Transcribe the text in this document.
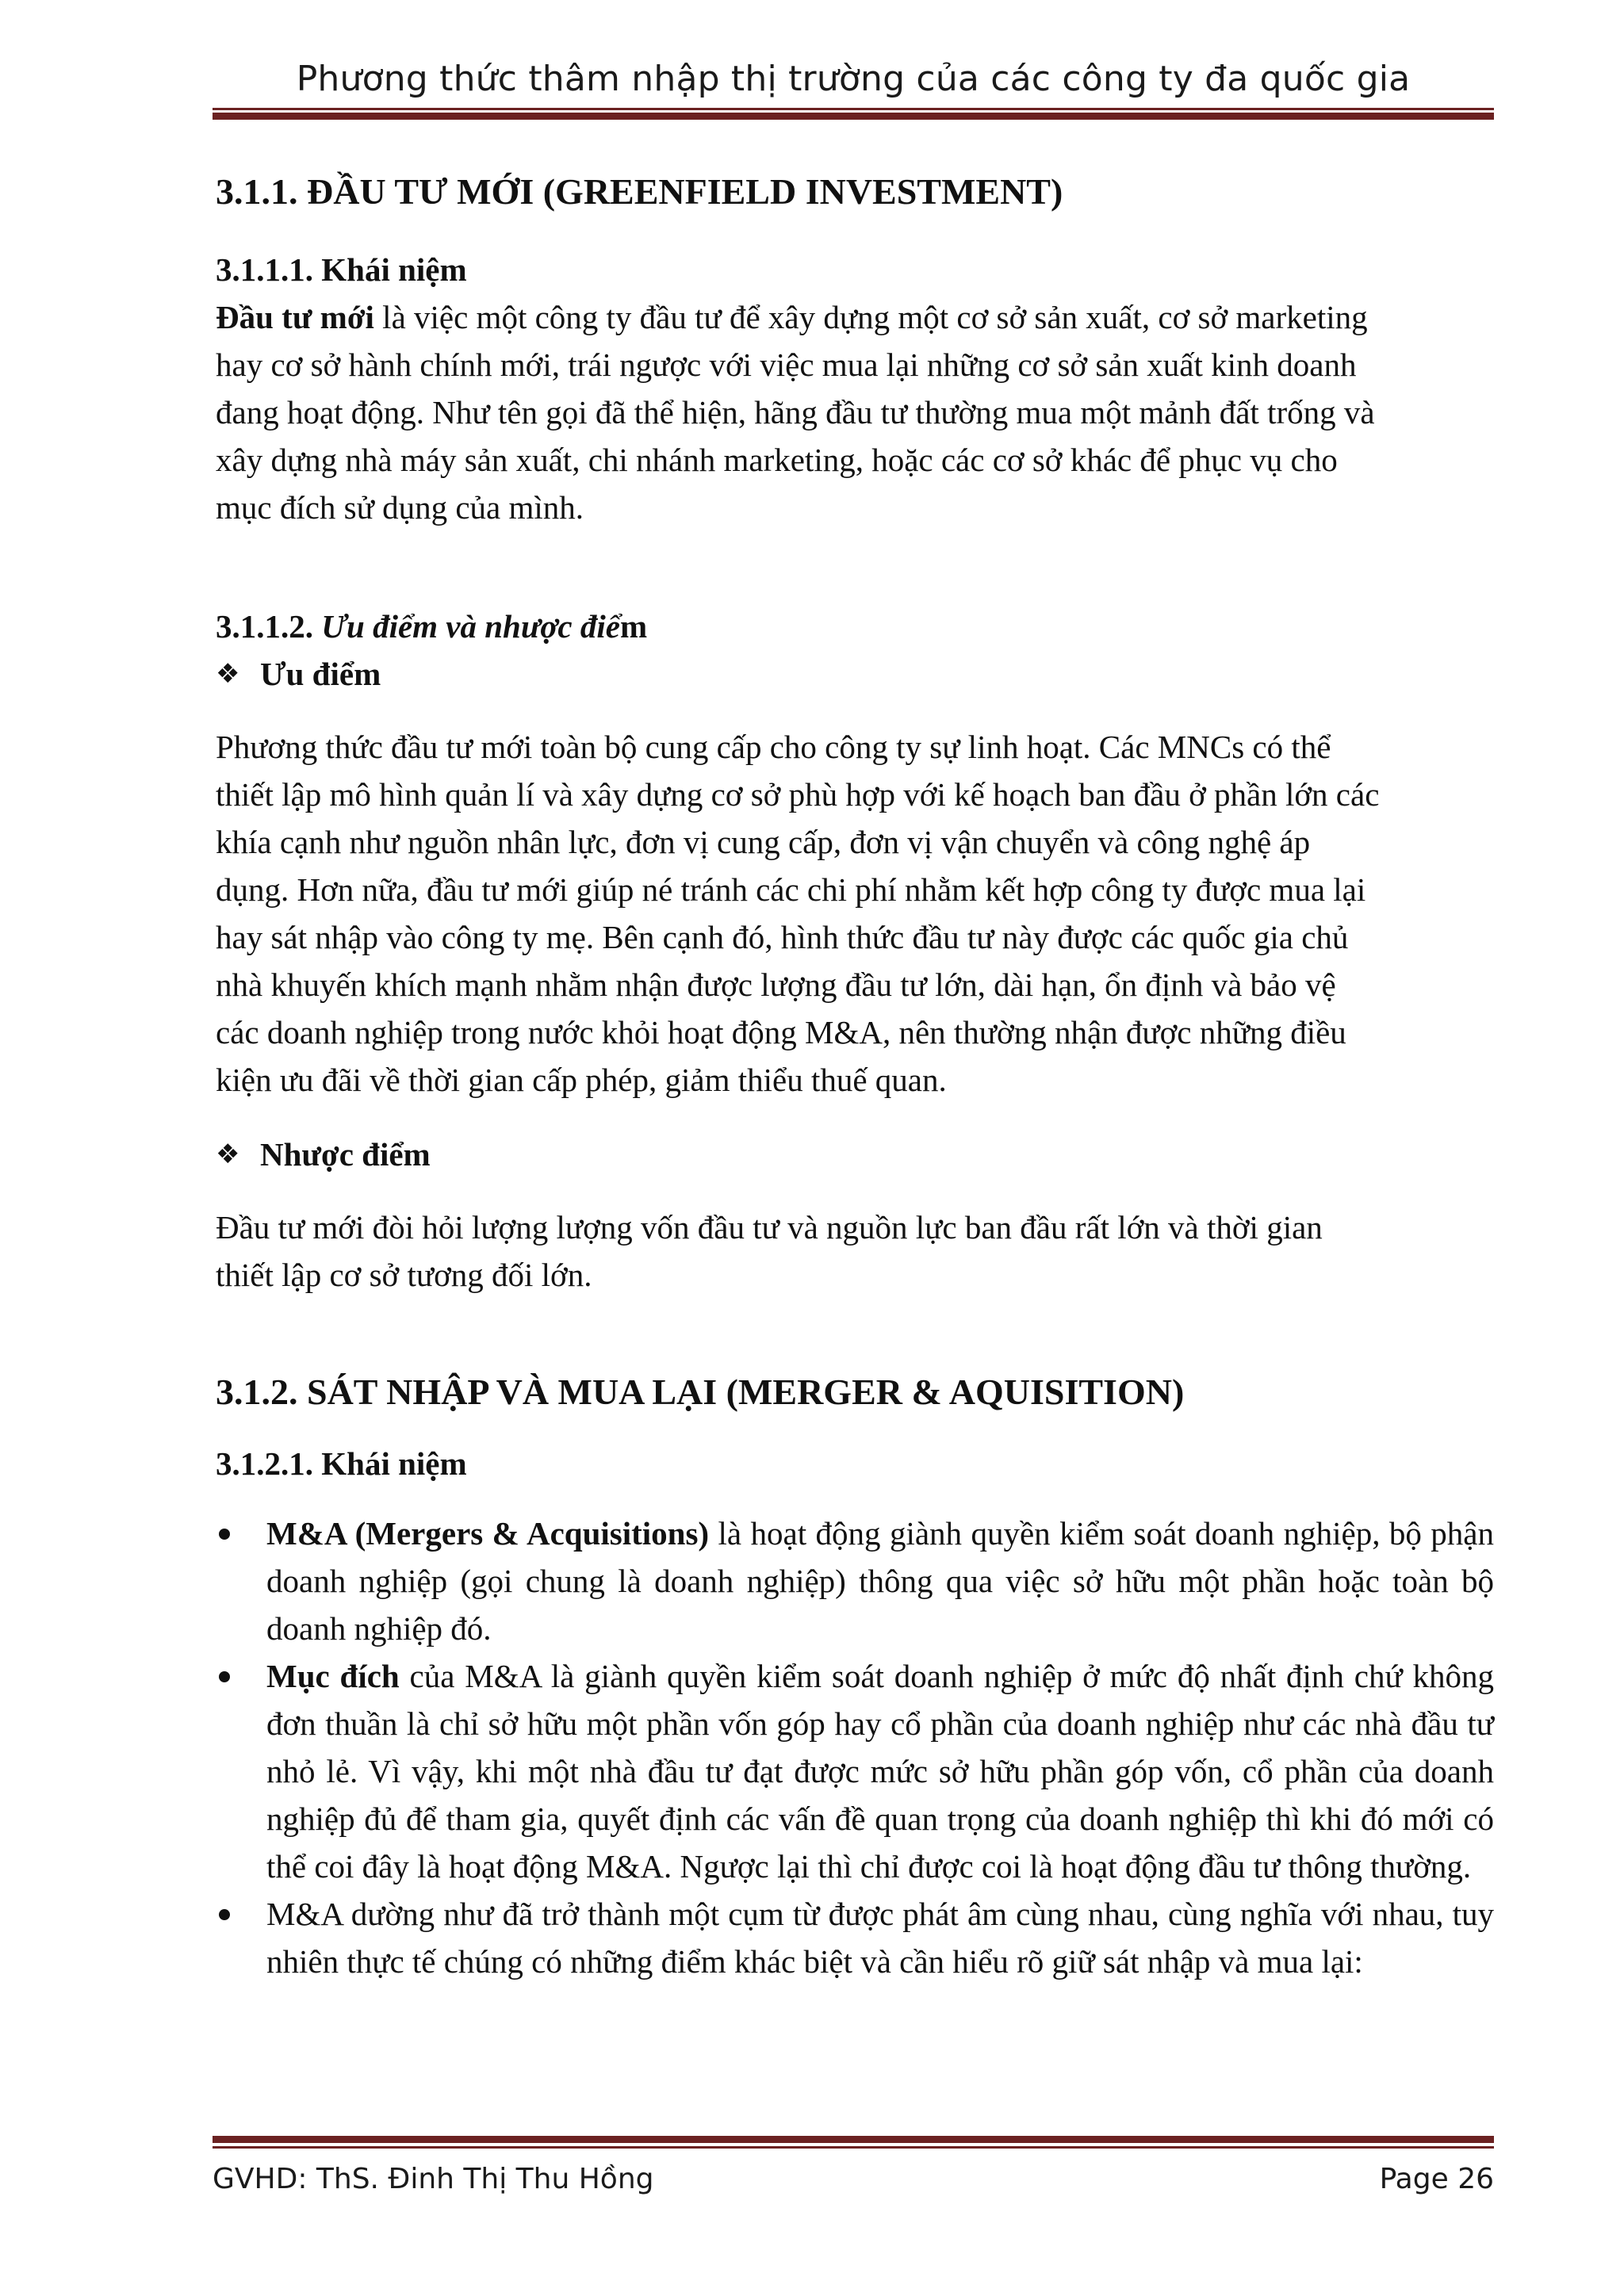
Phương thức thâm nhập thị trường của các công ty đa quốc gia

3.1.1. ĐẦU TƯ MỚI (GREENFIELD INVESTMENT)

3.1.1.1. Khái niệm

Đầu tư mới là việc một công ty đầu tư để xây dựng một cơ sở sản xuất, cơ sở marketing
hay cơ sở hành chính mới, trái ngược với việc mua lại những cơ sở sản xuất kinh doanh
đang hoạt động. Như tên gọi đã thể hiện, hãng đầu tư thường mua một mảnh đất trống và
xây dựng nhà máy sản xuất, chi nhánh marketing, hoặc các cơ sở khác để phục vụ cho
mục đích sử dụng của mình.

3.1.1.2. Ưu điểm và nhược điểm

❖ Ưu điểm

Phương thức đầu tư mới toàn bộ cung cấp cho công ty sự linh hoạt. Các MNCs có thể
thiết lập mô hình quản lí và xây dựng cơ sở phù hợp với kế hoạch ban đầu ở phần lớn các
khía cạnh như nguồn nhân lực, đơn vị cung cấp, đơn vị vận chuyển và công nghệ áp
dụng. Hơn nữa, đầu tư mới giúp né tránh các chi phí nhằm kết hợp công ty được mua lại
hay sát nhập vào công ty mẹ. Bên cạnh đó, hình thức đầu tư này được các quốc gia chủ
nhà khuyến khích mạnh nhằm nhận được lượng đầu tư lớn, dài hạn, ổn định và bảo vệ
các doanh nghiệp trong nước khỏi hoạt động M&A, nên thường nhận được những điều
kiện ưu đãi về thời gian cấp phép, giảm thiểu thuế quan.

❖ Nhược điểm

Đầu tư mới đòi hỏi lượng lượng vốn đầu tư và nguồn lực ban đầu rất lớn và thời gian
thiết lập cơ sở tương đối lớn.

3.1.2. SÁT NHẬP VÀ MUA LẠI (MERGER & AQUISITION)

3.1.2.1. Khái niệm

M&A (Mergers & Acquisitions) là hoạt động giành quyền kiểm soát doanh nghiệp, bộ phận doanh nghiệp (gọi chung là doanh nghiệp) thông qua việc sở hữu một phần hoặc toàn bộ doanh nghiệp đó.
Mục đích của M&A là giành quyền kiểm soát doanh nghiệp ở mức độ nhất định chứ không đơn thuần là chỉ sở hữu một phần vốn góp hay cổ phần của doanh nghiệp như các nhà đầu tư nhỏ lẻ. Vì vậy, khi một nhà đầu tư đạt được mức sở hữu phần góp vốn, cổ phần của doanh nghiệp đủ để tham gia, quyết định các vấn đề quan trọng của doanh nghiệp thì khi đó mới có thể coi đây là hoạt động M&A. Ngược lại thì chỉ được coi là hoạt động đầu tư thông thường.
M&A dường như đã trở thành một cụm từ được phát âm cùng nhau, cùng nghĩa với nhau, tuy nhiên thực tế chúng có những điểm khác biệt và cần hiểu rõ giữ sát nhập và mua lại:
GVHD: ThS. Đinh Thị Thu Hồng	Page 26
